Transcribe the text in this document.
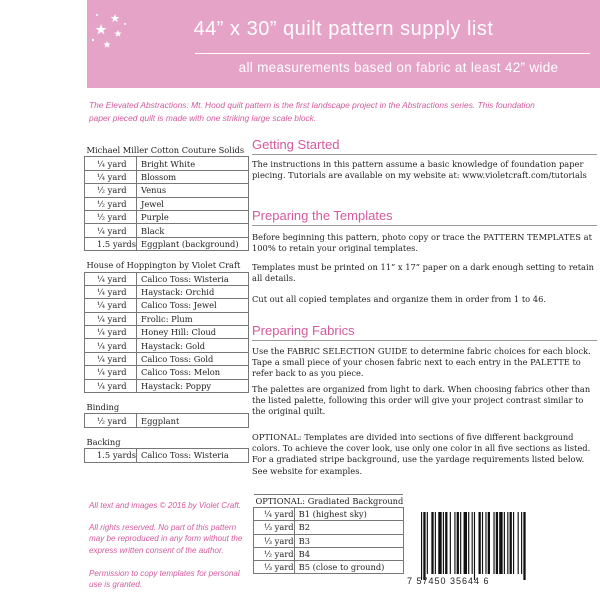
44” x 30” quilt pattern supply list
all measurements based on fabric at least 42” wide
The Elevated Abstractions: Mt. Hood quilt pattern is the first landscape project in the Abstractions series. This foundation paper pieced quilt is made with one striking large scale block.
Michael Miller Cotton Couture Solids	
¼ yard	Bright White
¼ yard	Blossom
½ yard	Venus
½ yard	Jewel
½ yard	Purple
¼ yard	Black
1.5 yards	Eggplant (background)

House of Hoppington by Violet Craft	
¼ yard	Calico Toss: Wisteria
¼ yard	Haystack: Orchid
¼ yard	Calico Toss: Jewel
¼ yard	Frolic: Plum
¼ yard	Honey Hill: Cloud
¼ yard	Haystack: Gold
¼ yard	Calico Toss: Gold
¼ yard	Calico Toss: Melon
¼ yard	Haystack: Poppy

Binding	
½ yard	Eggplant

Backing	
1.5 yards	Calico Toss: Wisteria
Getting Started
The instructions in this pattern assume a basic knowledge of foundation paper piecing. Tutorials are available on my website at: www.violetcraft.com/tutorials
Preparing the Templates
Before beginning this pattern, photo copy or trace the PATTERN TEMPLATES at 100% to retain your original templates.
Templates must be printed on 11” x 17” paper on a dark enough setting to retain all details.
Cut out all copied templates and organize them in order from 1 to 46.
Preparing Fabrics
Use the FABRIC SELECTION GUIDE to determine fabric choices for each block. Tape a small piece of your chosen fabric next to each entry in the PALETTE to refer back to as you piece.
The palettes are organized from light to dark. When choosing fabrics other than the listed palette, following this order will give your project contrast similar to the original quilt.
OPTIONAL: Templates are divided into sections of five different background colors. To achieve the cover look, use only one color in all five sections as listed. For a gradiated stripe background, use the yardage requirements listed below. See website for examples.
All text and images © 2016 by Violet Craft.
All rights reserved. No part of this pattern may be reproduced in any form without the express written consent of the author.
Permission to copy templates for personal use is granted.
OPTIONAL: Gradiated Background	
¼ yard	B1 (highest sky)
⅓ yard	B2
⅓ yard	B3
½ yard	B4
⅓ yard	B5 (close to ground)
7 57450 35644 6
